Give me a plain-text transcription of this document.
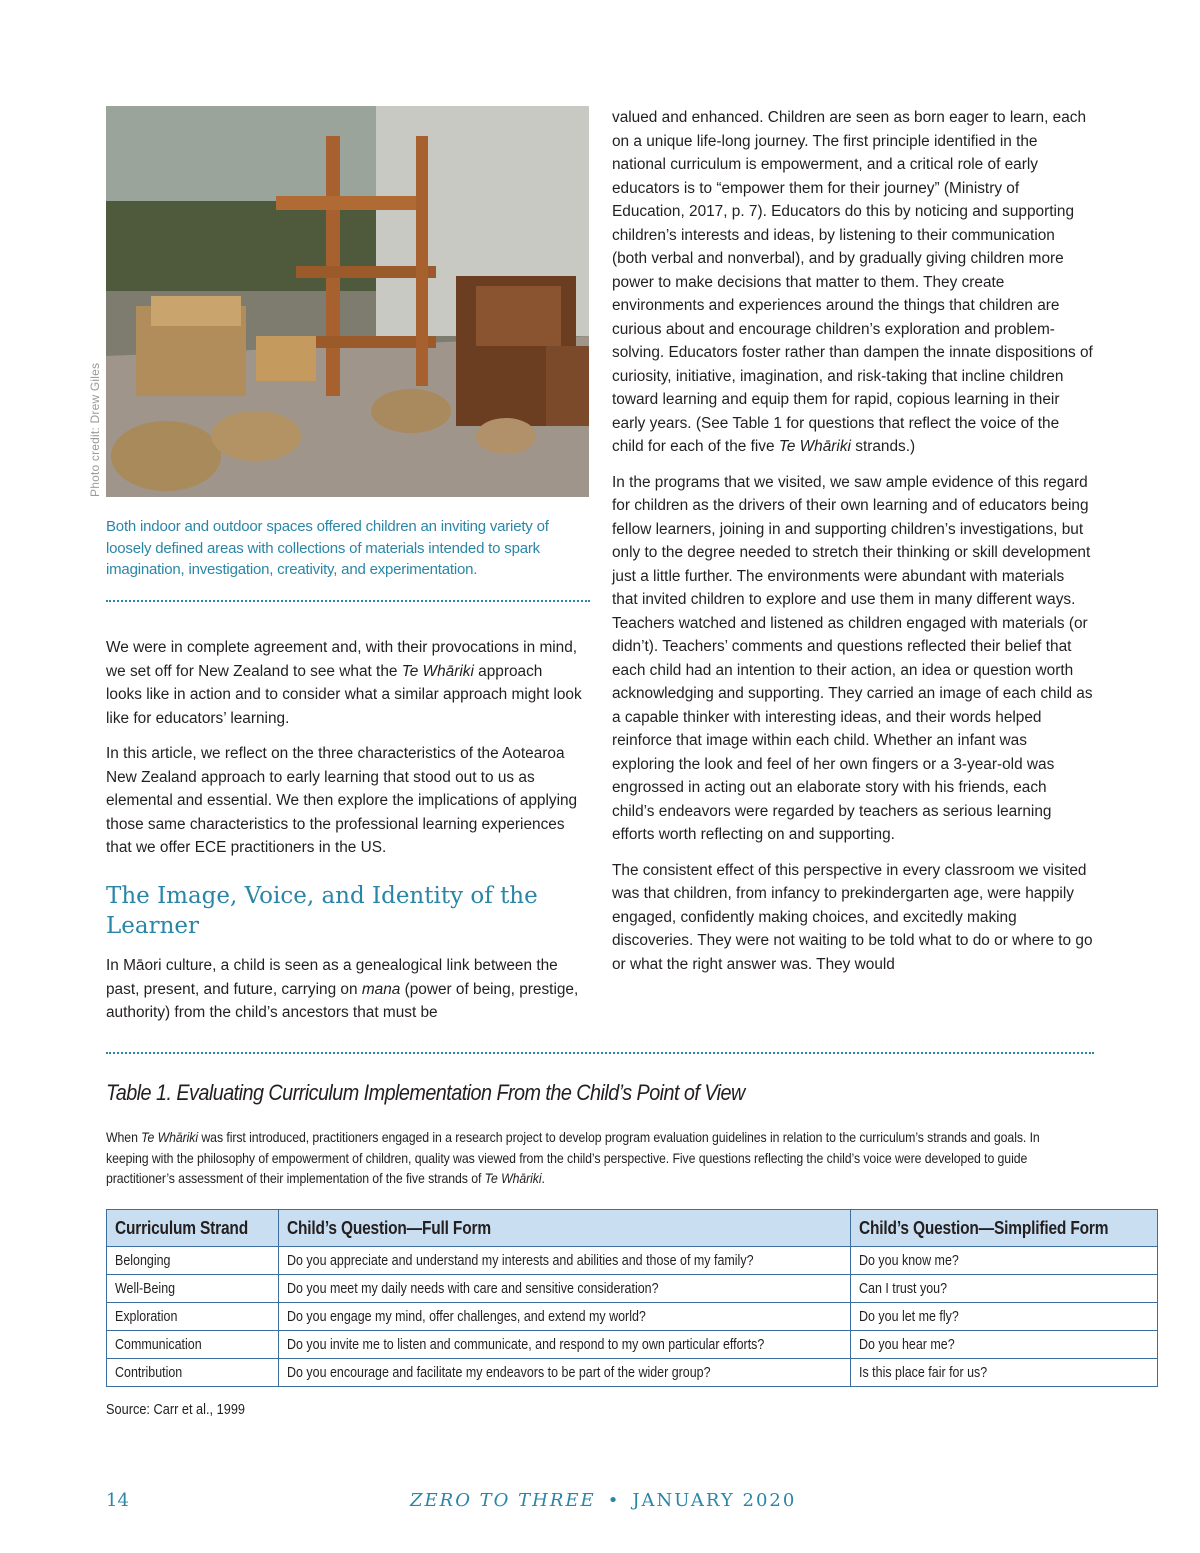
Photo credit: Drew Giles
Both indoor and outdoor spaces offered children an inviting variety of loosely defined areas with collections of materials intended to spark imagination, investigation, creativity, and experimentation.

We were in complete agreement and, with their provocations in mind, we set off for New Zealand to see what the Te Whāriki approach looks like in action and to consider what a similar approach might look like for educators’ learning.

In this article, we reflect on the three characteristics of the Aotearoa New Zealand approach to early learning that stood out to us as elemental and essential. We then explore the implications of applying those same characteristics to the professional learning experiences that we offer ECE practitioners in the US.

The Image, Voice, and Identity of the Learner

In Māori culture, a child is seen as a genealogical link between the past, present, and future, carrying on mana (power of being, prestige, authority) from the child’s ancestors that must be

valued and enhanced. Children are seen as born eager to learn, each on a unique life-long journey. The first principle identified in the national curriculum is empowerment, and a critical role of early educators is to “empower them for their journey” (Ministry of Education, 2017, p. 7). Educators do this by noticing and supporting children’s interests and ideas, by listening to their communication (both verbal and nonverbal), and by gradually giving children more power to make decisions that matter to them. They create environments and experiences around the things that children are curious about and encourage children’s exploration and problem-solving. Educators foster rather than dampen the innate dispositions of curiosity, initiative, imagination, and risk-taking that incline children toward learning and equip them for rapid, copious learning in their early years. (See Table 1 for questions that reflect the voice of the child for each of the five Te Whāriki strands.)

In the programs that we visited, we saw ample evidence of this regard for children as the drivers of their own learning and of educators being fellow learners, joining in and supporting children’s investigations, but only to the degree needed to stretch their thinking or skill development just a little further. The environments were abundant with materials that invited children to explore and use them in many different ways. Teachers watched and listened as children engaged with materials (or didn’t). Teachers’ comments and questions reflected their belief that each child had an intention to their action, an idea or question worth acknowledging and supporting. They carried an image of each child as a capable thinker with interesting ideas, and their words helped reinforce that image within each child. Whether an infant was exploring the look and feel of her own fingers or a 3-year-old was engrossed in acting out an elaborate story with his friends, each child’s endeavors were regarded by teachers as serious learning efforts worth reflecting on and supporting.

The consistent effect of this perspective in every classroom we visited was that children, from infancy to prekindergarten age, were happily engaged, confidently making choices, and excitedly making discoveries. They were not waiting to be told what to do or where to go or what the right answer was. They would

Table 1. Evaluating Curriculum Implementation From the Child’s Point of View
When Te Whāriki was first introduced, practitioners engaged in a research project to develop program evaluation guidelines in relation to the curriculum’s strands and goals. In keeping with the philosophy of empowerment of children, quality was viewed from the child’s perspective. Five questions reflecting the child’s voice were developed to guide practitioner’s assessment of their implementation of the five strands of Te Whāriki.
Curriculum Strand	Child’s Question—Full Form	Child’s Question—Simplified Form
Belonging	Do you appreciate and understand my interests and abilities and those of my family?	Do you know me?
Well-Being	Do you meet my daily needs with care and sensitive consideration?	Can I trust you?
Exploration	Do you engage my mind, offer challenges, and extend my world?	Do you let me fly?
Communication	Do you invite me to listen and communicate, and respond to my own particular efforts?	Do you hear me?
Contribution	Do you encourage and facilitate my endeavors to be part of the wider group?	Is this place fair for us?
Source: Carr et al., 1999
14	ZERO TO THREE • JANUARY 2020
